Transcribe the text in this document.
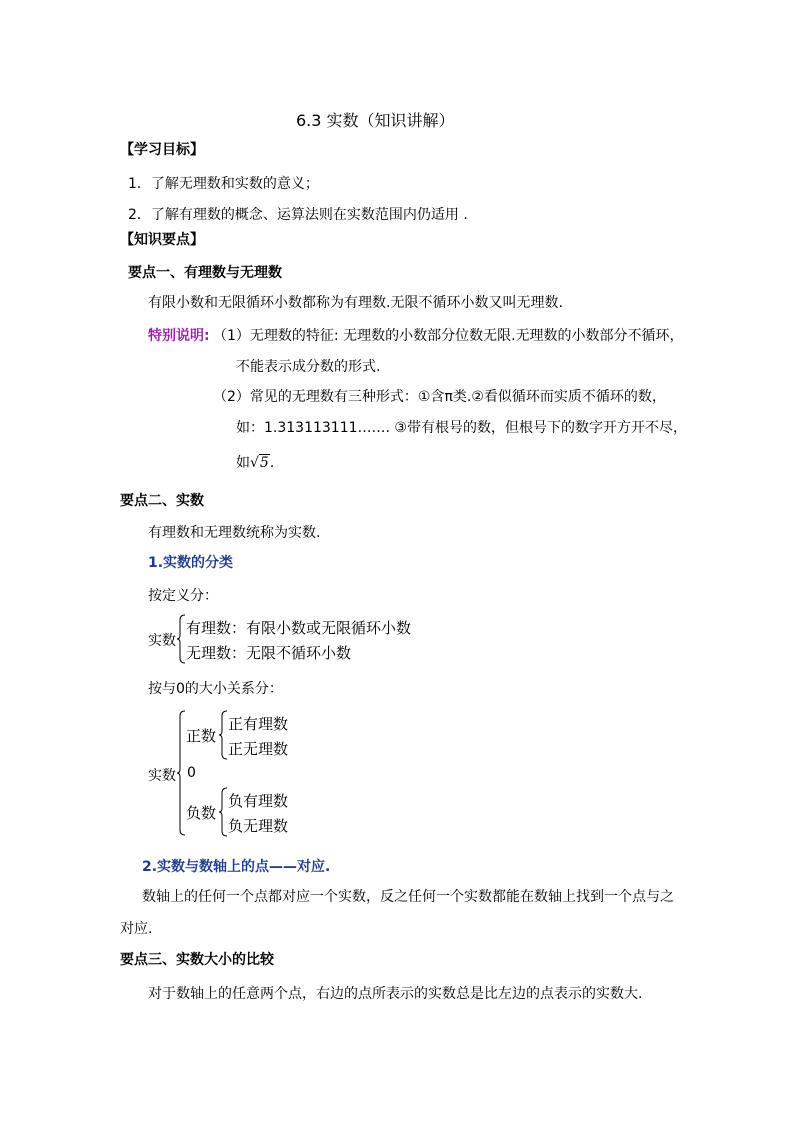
6.3 实数（知识讲解）
【学习目标】
1．了解无理数和实数的意义；
2．了解有理数的概念、运算法则在实数范围内仍适用 .
【知识要点】
要点一、有理数与无理数
有限小数和无限循环小数都称为有理数.无限不循环小数又叫无理数.
特别说明: （1）无理数的特征: 无理数的小数部分位数无限.无理数的小数部分不循环，
不能表示成分数的形式.
（2）常见的无理数有三种形式：①含π类.②看似循环而实质不循环的数，
如：1.313113111……. ③带有根号的数，但根号下的数字开方开不尽，
如√5.
要点二、实数
有理数和无理数统称为实数.
1.实数的分类
按定义分：
实数
有理数：有限小数或无限循环小数
无理数：无限不循环小数
按与0的大小关系分：
实数
正数
正有理数
正无理数
0
负数
负有理数
负无理数
2.实数与数轴上的点——对应.
数轴上的任何一个点都对应一个实数，反之任何一个实数都能在数轴上找到一个点与之
对应.
要点三、实数大小的比较
对于数轴上的任意两个点，右边的点所表示的实数总是比左边的点表示的实数大.
